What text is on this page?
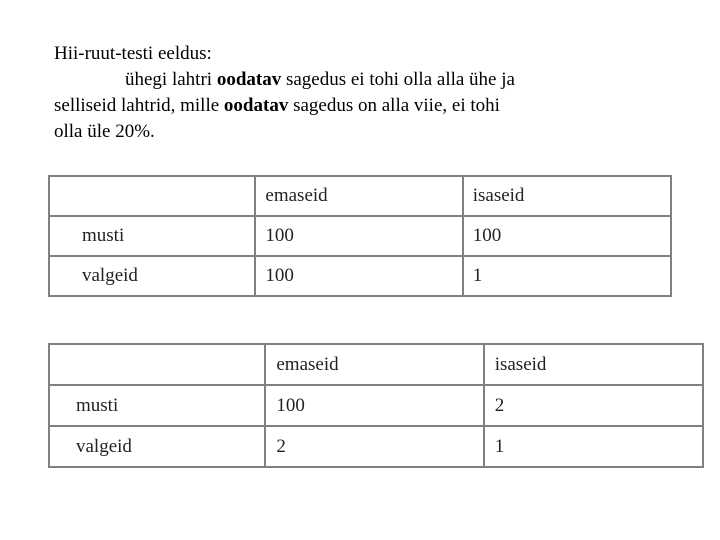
Hii-ruut-testi eeldus:

ühegi lahtri oodatav sagedus ei tohi olla alla ühe ja

selliseid lahtrid, mille oodatav sagedus on alla viie, ei tohi

olla üle 20%.

	emaseid	isaseid
musti	100	100
valgeid	100	1
	emaseid	isaseid
musti	100	2
valgeid	2	1
